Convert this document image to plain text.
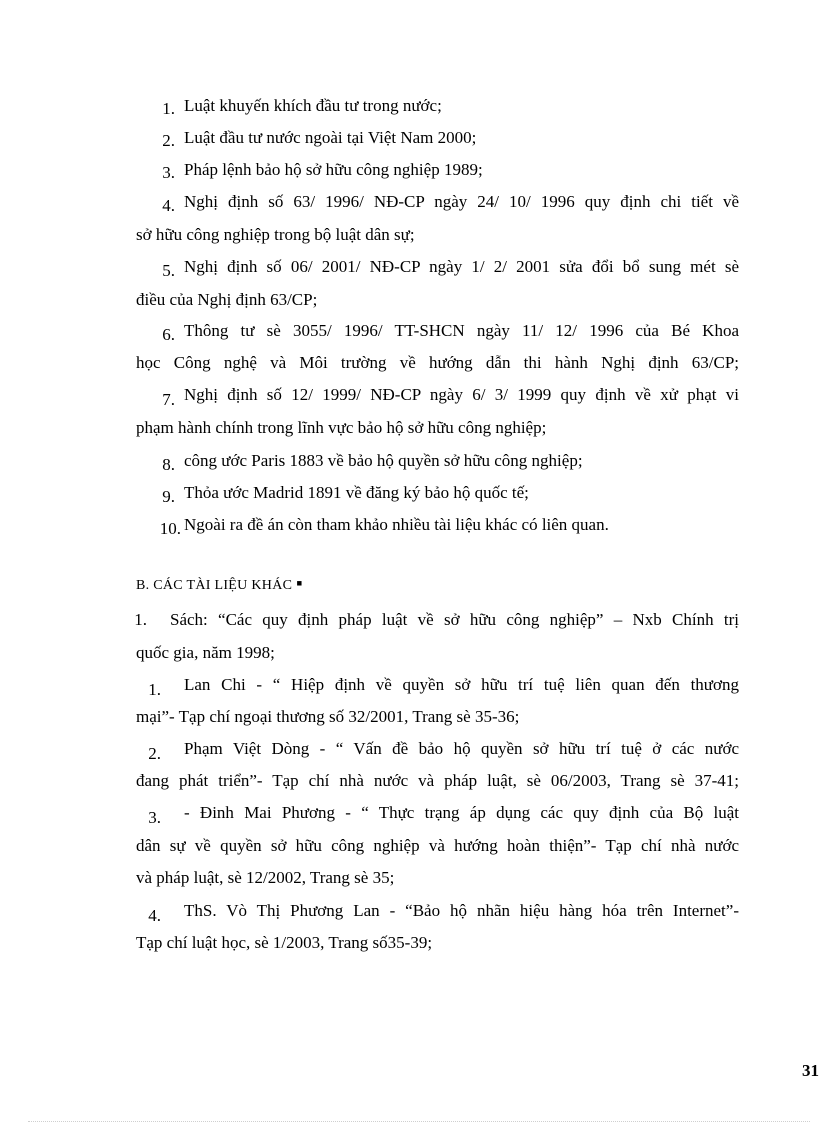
1. Luật khuyến khích đầu tư trong nước;
2. Luật đầu tư nước ngoài tại Việt Nam 2000;
3. Pháp lệnh bảo hộ sở hữu công nghiệp 1989;
4. Nghị định số 63/ 1996/ NĐ-CP ngày 24/ 10/ 1996 quy định chi tiết về
sở hữu công nghiệp trong bộ luật dân sự;
5. Nghị định số 06/ 2001/ NĐ-CP ngày 1/ 2/ 2001 sửa đổi bổ sung mét sè
điều của Nghị định 63/CP;
6. Thông tư sè 3055/ 1996/ TT-SHCN ngày 11/ 12/ 1996 của Bé Khoa
học Công nghệ và Môi trường về hướng dẫn thi hành Nghị định 63/CP;
7. Nghị định số 12/ 1999/ NĐ-CP ngày 6/ 3/ 1999 quy định về xử phạt vi
phạm hành chính trong lĩnh vực bảo hộ sở hữu công nghiệp;
8. công ước Paris 1883 về bảo hộ quyền sở hữu công nghiệp;
9. Thỏa ước Madrid 1891 về đăng ký bảo hộ quốc tế;
10. Ngoài ra đề án còn tham khảo nhiều tài liệu khác có liên quan.
B. CÁC TÀI LIỆU KHÁC ▪
1. Sách: “Các quy định pháp luật về sở hữu công nghiệp” – Nxb Chính trị
quốc gia, năm 1998;
1. Lan Chi - “ Hiệp định về quyền sở hữu trí tuệ liên quan đến thương
mại”- Tạp chí ngoại thương số 32/2001, Trang sè 35-36;
2. Phạm Việt Dòng - “ Vấn đề bảo hộ quyền sở hữu trí tuệ ở các nước
đang phát triển”- Tạp chí nhà nước và pháp luật, sè 06/2003, Trang sè 37-41;
3. - Đinh Mai Phương - “ Thực trạng áp dụng các quy định của Bộ luật
dân sự về quyền sở hữu công nghiệp và hướng hoàn thiện”- Tạp chí nhà nước
và pháp luật, sè 12/2002, Trang sè 35;
4. ThS. Vò Thị Phương Lan - “Bảo hộ nhãn hiệu hàng hóa trên Internet”-
Tạp chí luật học, sè 1/2003, Trang số35-39;
31
